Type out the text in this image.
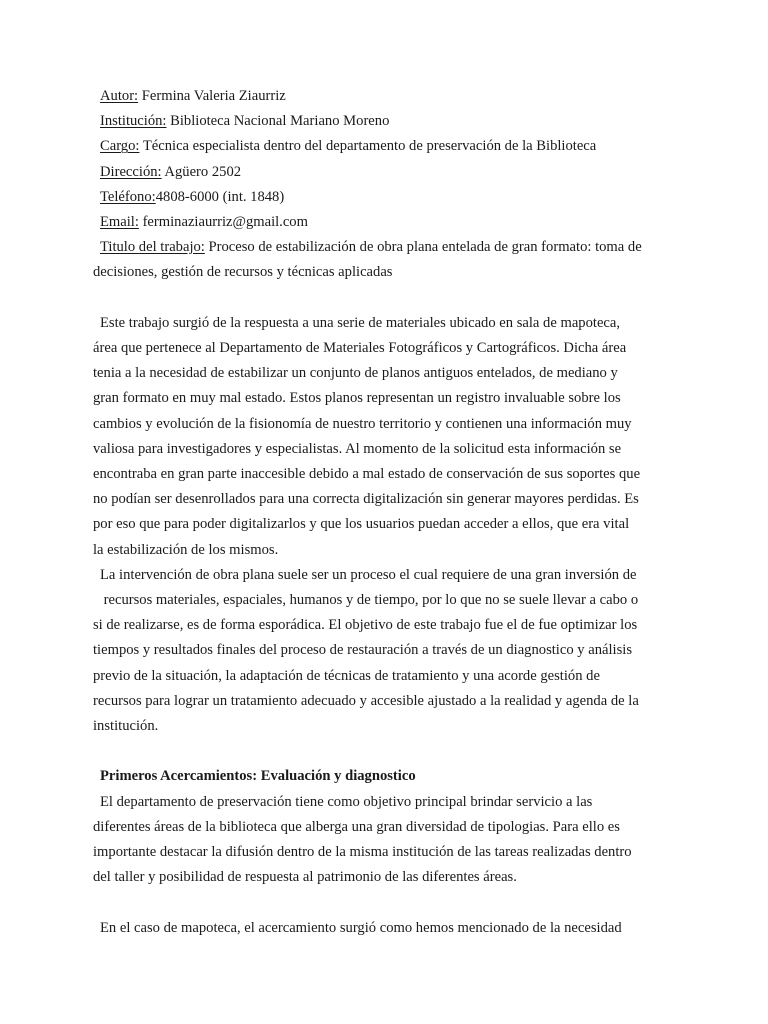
Autor: Fermina Valeria Ziaurriz
Institución: Biblioteca Nacional Mariano Moreno
Cargo: Técnica especialista dentro del departamento de preservación de la Biblioteca
Dirección: Agüero 2502
Teléfono:4808-6000 (int. 1848)
Email: ferminaziaurriz@gmail.com
Titulo del trabajo: Proceso de estabilización de obra plana entelada de gran formato: toma de
decisiones, gestión de recursos y técnicas aplicadas
Este trabajo surgió de la respuesta a una serie de materiales ubicado en sala de mapoteca,
área que pertenece al Departamento de Materiales Fotográficos y Cartográficos. Dicha área
tenia a la necesidad de estabilizar un conjunto de planos antiguos entelados, de mediano y
gran formato en muy mal estado. Estos planos representan un registro invaluable sobre los
cambios y evolución de la fisionomía de nuestro territorio y contienen una información muy
valiosa para investigadores y especialistas. Al momento de la solicitud esta información se
encontraba en gran parte inaccesible debido a mal estado de conservación de sus soportes que
no podían ser desenrollados para una correcta digitalización sin generar mayores perdidas. Es
por eso que para poder digitalizarlos y que los usuarios puedan acceder a ellos, que era vital
la estabilización de los mismos.
La intervención de obra plana suele ser un proceso el cual requiere de una gran inversión de
recursos materiales, espaciales, humanos y de tiempo, por lo que no se suele llevar a cabo o
si de realizarse, es de forma esporádica. El objetivo de este trabajo fue el de fue optimizar los
tiempos y resultados finales del proceso de restauración a través de un diagnostico y análisis
previo de la situación, la adaptación de técnicas de tratamiento y una acorde gestión de
recursos para lograr un tratamiento adecuado y accesible ajustado a la realidad y agenda de la
institución.
Primeros Acercamientos: Evaluación y diagnostico
El departamento de preservación tiene como objetivo principal brindar servicio a las
diferentes áreas de la biblioteca que alberga una gran diversidad de tipologias. Para ello es
importante destacar la difusión dentro de la misma institución de las tareas realizadas dentro
del taller y posibilidad de respuesta al patrimonio de las diferentes áreas.
En el caso de mapoteca, el acercamiento surgió como hemos mencionado de la necesidad
